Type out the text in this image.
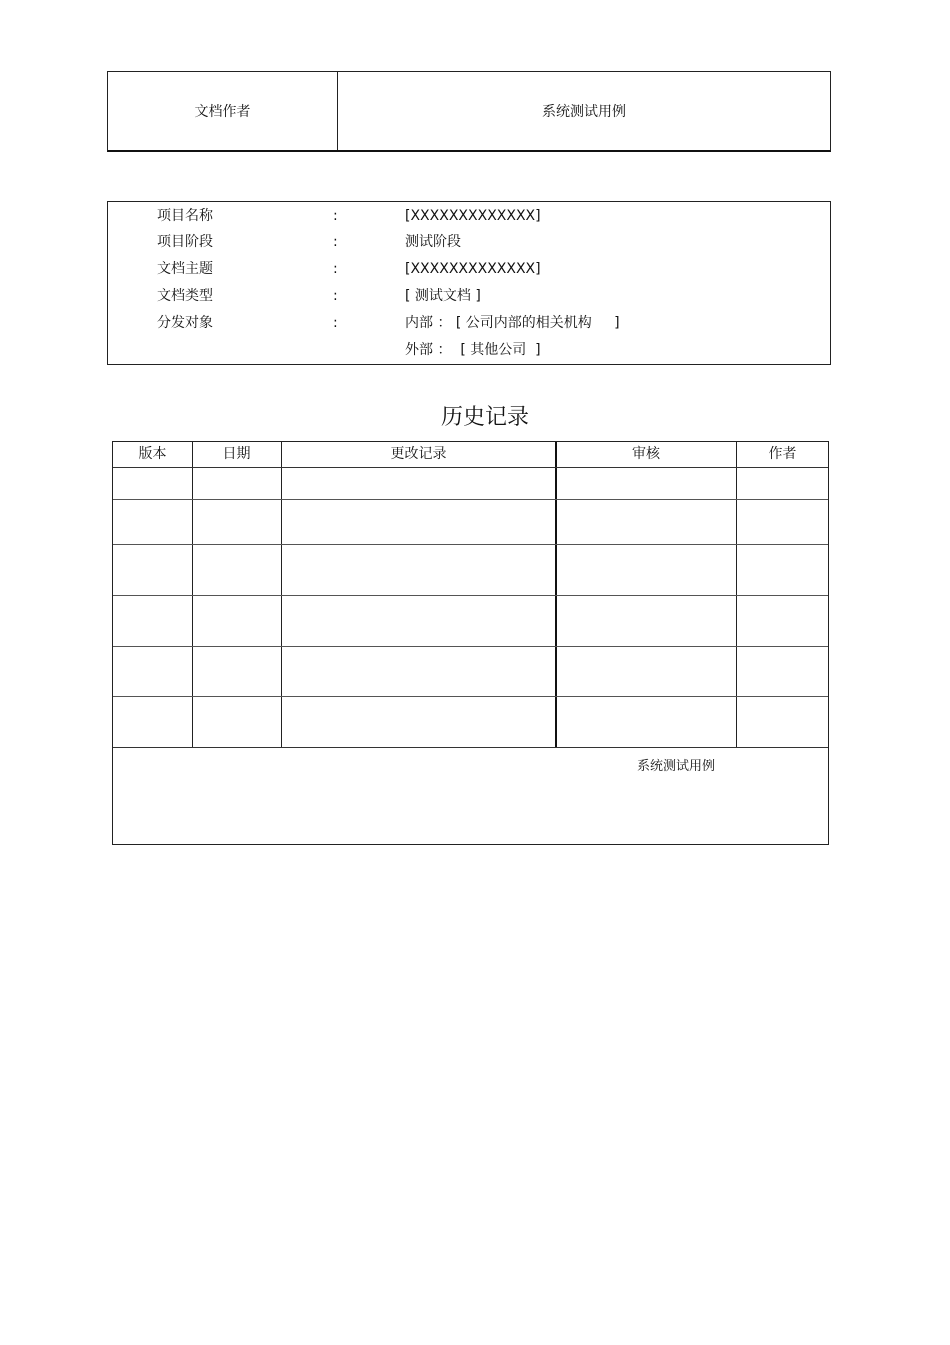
文档作者	系统测试用例
项目名称	:	[XXXXXXXXXXXXX]
项目阶段	:	测试阶段
文档主题	:	[XXXXXXXXXXXXX]
文档类型	:	[ 测试文档 ]
分发对象	:	内部 ： [ 公司内部的相关机构     ]
外部 ：  [ 其他公司  ]
历史记录
版本	日期	更改记录	审核	作者
系统测试用例
